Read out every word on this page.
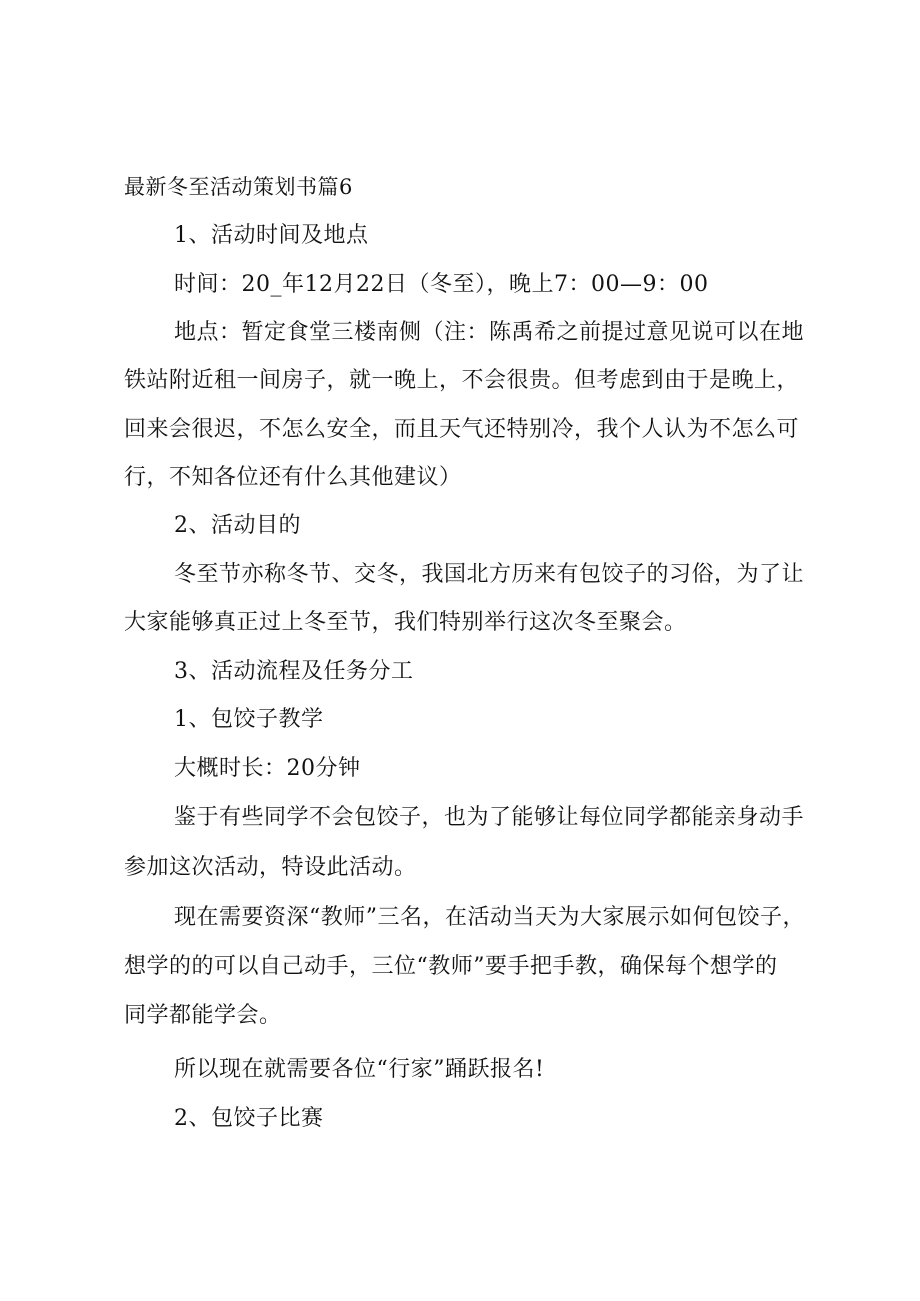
最新冬至活动策划书篇6
1、活动时间及地点
时间：20_年12月22日（冬至），晚上7：00—9：00
地点：暂定食堂三楼南侧（注：陈禹希之前提过意见说可以在地
铁站附近租一间房子，就一晚上，不会很贵。但考虑到由于是晚上，
回来会很迟，不怎么安全，而且天气还特别冷，我个人认为不怎么可
行，不知各位还有什么其他建议）
2、活动目的
冬至节亦称冬节、交冬，我国北方历来有包饺子的习俗，为了让
大家能够真正过上冬至节，我们特别举行这次冬至聚会。
3、活动流程及任务分工
1、包饺子教学
大概时长：20分钟
鉴于有些同学不会包饺子，也为了能够让每位同学都能亲身动手
参加这次活动，特设此活动。
现在需要资深“教师”三名，在活动当天为大家展示如何包饺子，
想学的的可以自己动手，三位“教师”要手把手教，确保每个想学的
同学都能学会。
所以现在就需要各位“行家”踊跃报名!
2、包饺子比赛
